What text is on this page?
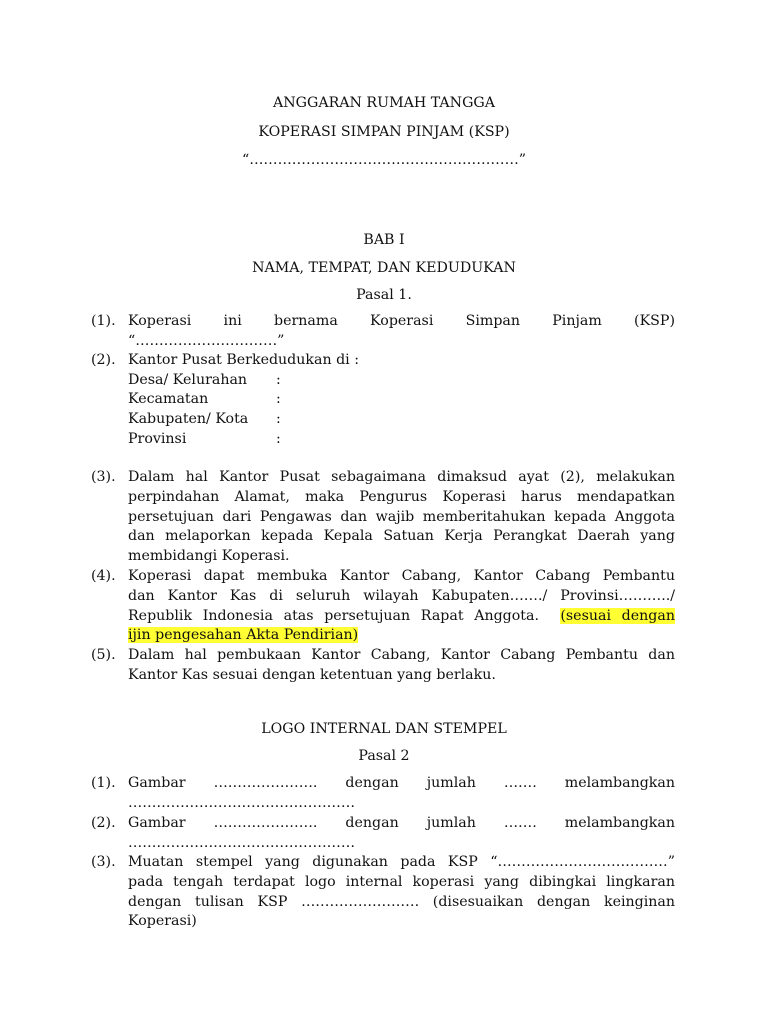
ANGGARAN RUMAH TANGGA
KOPERASI SIMPAN PINJAM (KSP)
“…………………………………………………”
BAB I
NAMA, TEMPAT, DAN KEDUDUKAN
Pasal 1.
(1). Koperasi ini bernama Koperasi Simpan Pinjam (KSP)
“…………………………”
(2). Kantor Pusat Berkedudukan di :
Desa/ Kelurahan :
Kecamatan	:
Kabupaten/ Kota :
Provinsi	:
(3). Dalam hal Kantor Pusat sebagaimana dimaksud ayat (2), melakukan
perpindahan Alamat, maka Pengurus Koperasi harus mendapatkan
persetujuan dari Pengawas dan wajib memberitahukan kepada Anggota
dan melaporkan kepada Kepala Satuan Kerja Perangkat Daerah yang
membidangi Koperasi.
(4). Koperasi dapat membuka Kantor Cabang, Kantor Cabang Pembantu
dan Kantor Kas di seluruh wilayah Kabupaten……./ Provinsi………../
Republik Indonesia atas persetujuan Rapat Anggota. (sesuai dengan
ijin pengesahan Akta Pendirian)
(5). Dalam hal pembukaan Kantor Cabang, Kantor Cabang Pembantu dan
Kantor Kas sesuai dengan ketentuan yang berlaku.
LOGO INTERNAL DAN STEMPEL
Pasal 2
(1). Gambar …………………. dengan jumlah ……. melambangkan
…………………………………………
(2). Gambar …………………. dengan jumlah ……. melambangkan
…………………………………………
(3). Muatan stempel yang digunakan pada KSP “………………………………”
pada tengah terdapat logo internal koperasi yang dibingkai lingkaran
dengan tulisan KSP ……………………. (disesuaikan dengan keinginan
Koperasi)
